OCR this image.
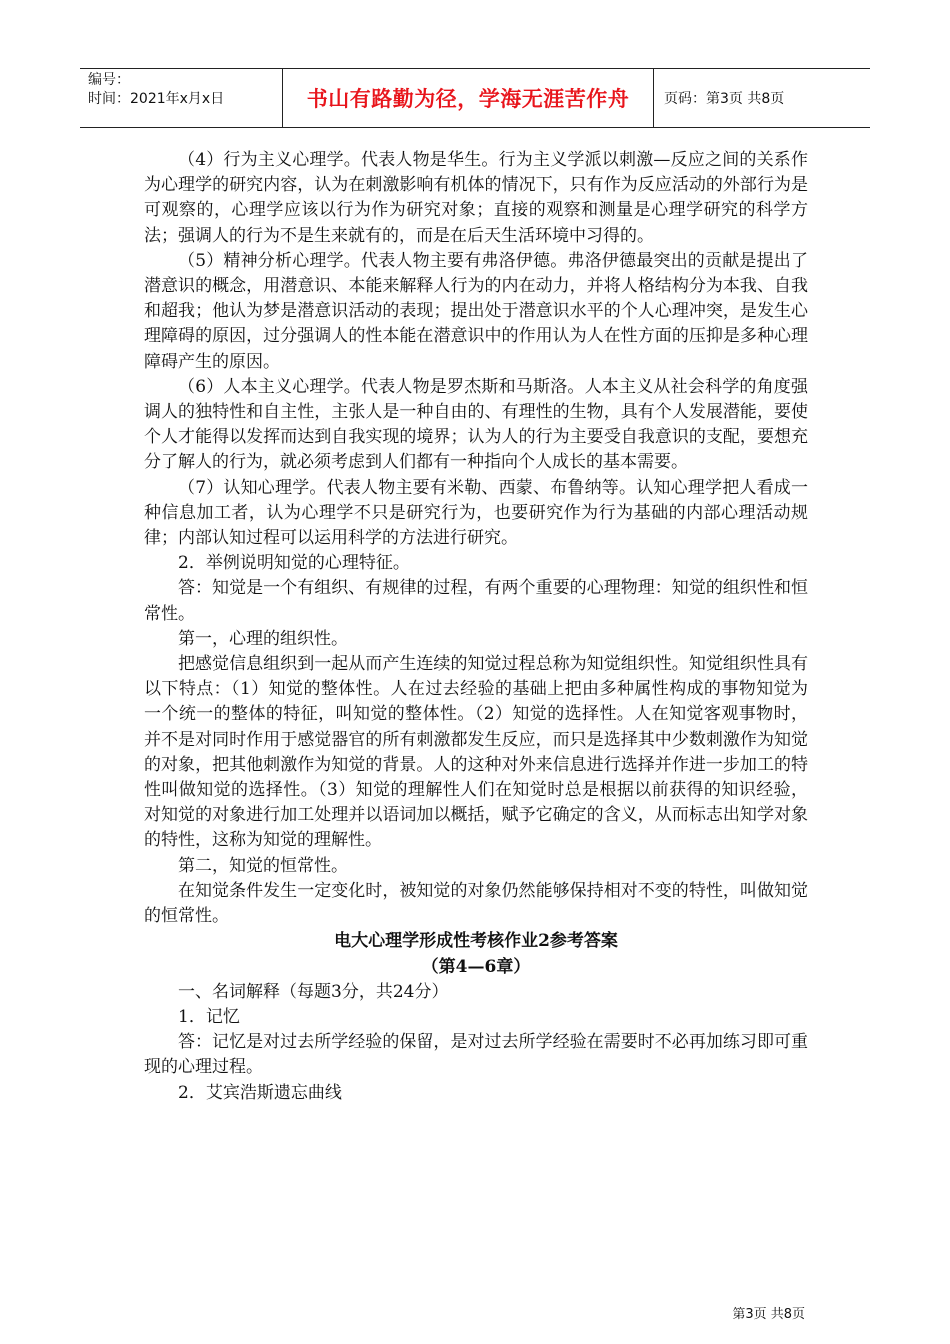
编号：
时间：2021年x月x日	书山有路勤为径，学海无涯苦作舟 页码：第3页 共8页

（4）行为主义心理学。代表人物是华生。行为主义学派以刺激—反应之间的关系作为心理学的研究内容，认为在刺激影响有机体的情况下，只有作为反应活动的外部行为是可观察的，心理学应该以行为作为研究对象；直接的观察和测量是心理学研究的科学方法；强调人的行为不是生来就有的，而是在后天生活环境中习得的。

（5）精神分析心理学。代表人物主要有弗洛伊德。弗洛伊德最突出的贡献是提出了潜意识的概念，用潜意识、本能来解释人行为的内在动力，并将人格结构分为本我、自我和超我；他认为梦是潜意识活动的表现；提出处于潜意识水平的个人心理冲突，是发生心理障碍的原因，过分强调人的性本能在潜意识中的作用认为人在性方面的压抑是多种心理障碍产生的原因。

（6）人本主义心理学。代表人物是罗杰斯和马斯洛。人本主义从社会科学的角度强调人的独特性和自主性，主张人是一种自由的、有理性的生物，具有个人发展潜能，要使个人才能得以发挥而达到自我实现的境界；认为人的行为主要受自我意识的支配，要想充分了解人的行为，就必须考虑到人们都有一种指向个人成长的基本需要。

（7）认知心理学。代表人物主要有米勒、西蒙、布鲁纳等。认知心理学把人看成一种信息加工者，认为心理学不只是研究行为，也要研究作为行为基础的内部心理活动规律；内部认知过程可以运用科学的方法进行研究。

2．举例说明知觉的心理特征。

答：知觉是一个有组织、有规律的过程，有两个重要的心理物理：知觉的组织性和恒常性。

第一，心理的组织性。

把感觉信息组织到一起从而产生连续的知觉过程总称为知觉组织性。知觉组织性具有以下特点：（1）知觉的整体性。人在过去经验的基础上把由多种属性构成的事物知觉为一个统一的整体的特征，叫知觉的整体性。（2）知觉的选择性。人在知觉客观事物时，并不是对同时作用于感觉器官的所有刺激都发生反应，而只是选择其中少数刺激作为知觉的对象，把其他刺激作为知觉的背景。人的这种对外来信息进行选择并作进一步加工的特性叫做知觉的选择性。（3）知觉的理解性人们在知觉时总是根据以前获得的知识经验，对知觉的对象进行加工处理并以语词加以概括，赋予它确定的含义，从而标志出知学对象的特性，这称为知觉的理解性。

第二，知觉的恒常性。

在知觉条件发生一定变化时，被知觉的对象仍然能够保持相对不变的特性，叫做知觉的恒常性。

电大心理学形成性考核作业2参考答案

（第4—6章）

一、名词解释（每题3分，共24分）

1．记忆

答：记忆是对过去所学经验的保留，是对过去所学经验在需要时不必再加练习即可重现的心理过程。

2．艾宾浩斯遗忘曲线

第3页 共8页
